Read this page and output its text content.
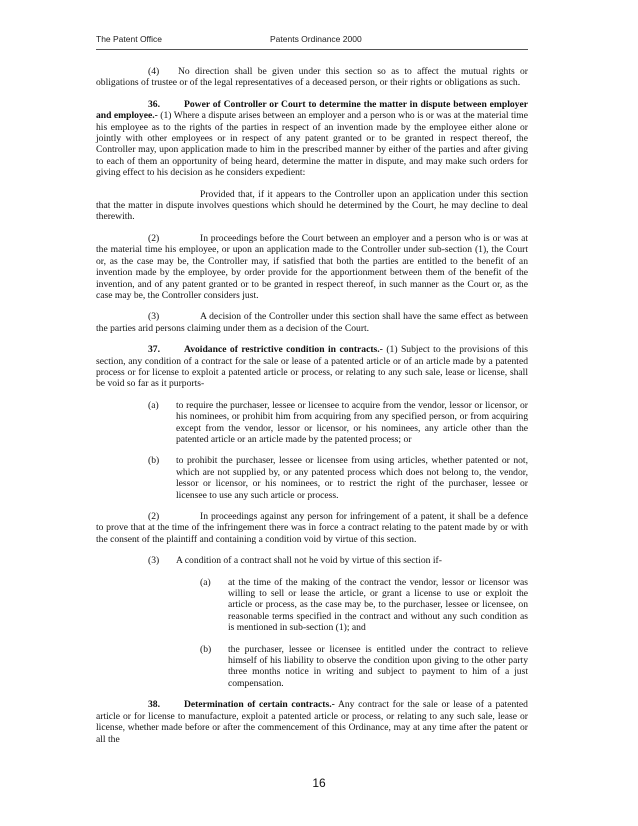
The Patent Office	Patents Ordinance 2000

(4) No direction shall be given under this section so as to affect the mutual rights or obligations of trustee or of the legal representatives of a deceased person, or their rights or obligations as such.

36.	Power of Controller or Court to determine the matter in dispute between employer and employee.- (1) Where a dispute arises between an employer and a person who is or was at the material time his employee as to the rights of the parties in respect of an invention made by the employee either alone or jointly with other employees or in respect of any patent granted or to be granted in respect thereof, the Controller may, upon application made to him in the prescribed manner by either of the parties and after giving to each of them an opportunity of being heard, determine the matter in dispute, and may make such orders for giving effect to his decision as he considers expedient:

Provided that, if it appears to the Controller upon an application under this section that the matter in dispute involves questions which should he determined by the Court, he may decline to deal therewith.

(2)	In proceedings before the Court between an employer and a person who is or was at the material time his employee, or upon an application made to the Controller under sub-section (1), the Court or, as the case may be, the Controller may, if satisfied that both the parties are entitled to the benefit of an invention made by the employee, by order provide for the apportionment between them of the benefit of the invention, and of any patent granted or to be granted in respect thereof, in such manner as the Court or, as the case may be, the Controller considers just.

(3)	A decision of the Controller under this section shall have the same effect as between the parties arid persons claiming under them as a decision of the Court.

37.	Avoidance of restrictive condition in contracts.- (1) Subject to the provisions of this section, any condition of a contract for the sale or lease of a patented article or of an article made by a patented process or for license to exploit a patented article or process, or relating to any such sale, lease or license, shall be void so far as it purports-

(a)	to require the purchaser, lessee or licensee to acquire from the vendor, lessor or licensor, or his nominees, or prohibit him from acquiring from any specified person, or from acquiring except from the vendor, lessor or licensor, or his nominees, any article other than the patented article or an article made by the patented process; or
(b)	to prohibit the purchaser, lessee or licensee from using articles, whether patented or not, which are not supplied by, or any patented process which does not belong to, the vendor, lessor or licensor, or his nominees, or to restrict the right of the purchaser, lessee or licensee to use any such article or process.

(2)	In proceedings against any person for infringement of a patent, it shall be a defence to prove that at the time of the infringement there was in force a contract relating to the patent made by or with the consent of the plaintiff and containing a condition void by virtue of this section.

(3) A condition of a contract shall not he void by virtue of this section if-

(a)	at the time of the making of the contract the vendor, lessor or licensor was willing to sell or lease the article, or grant a license to use or exploit the article or process, as the case may be, to the purchaser, lessee or licensee, on reasonable terms specified in the contract and without any such condition as is mentioned in sub-section (1); and
(b)	the purchaser, lessee or licensee is entitled under the contract to relieve himself of his liability to observe the condition upon giving to the other party three months notice in writing and subject to payment to him of a just compensation.

38.	Determination of certain contracts.- Any contract for the sale or lease of a patented article or for license to manufacture, exploit a patented article or process, or relating to any such sale, lease or license, whether made before or after the commencement of this Ordinance, may at any time after the patent or all the

16
